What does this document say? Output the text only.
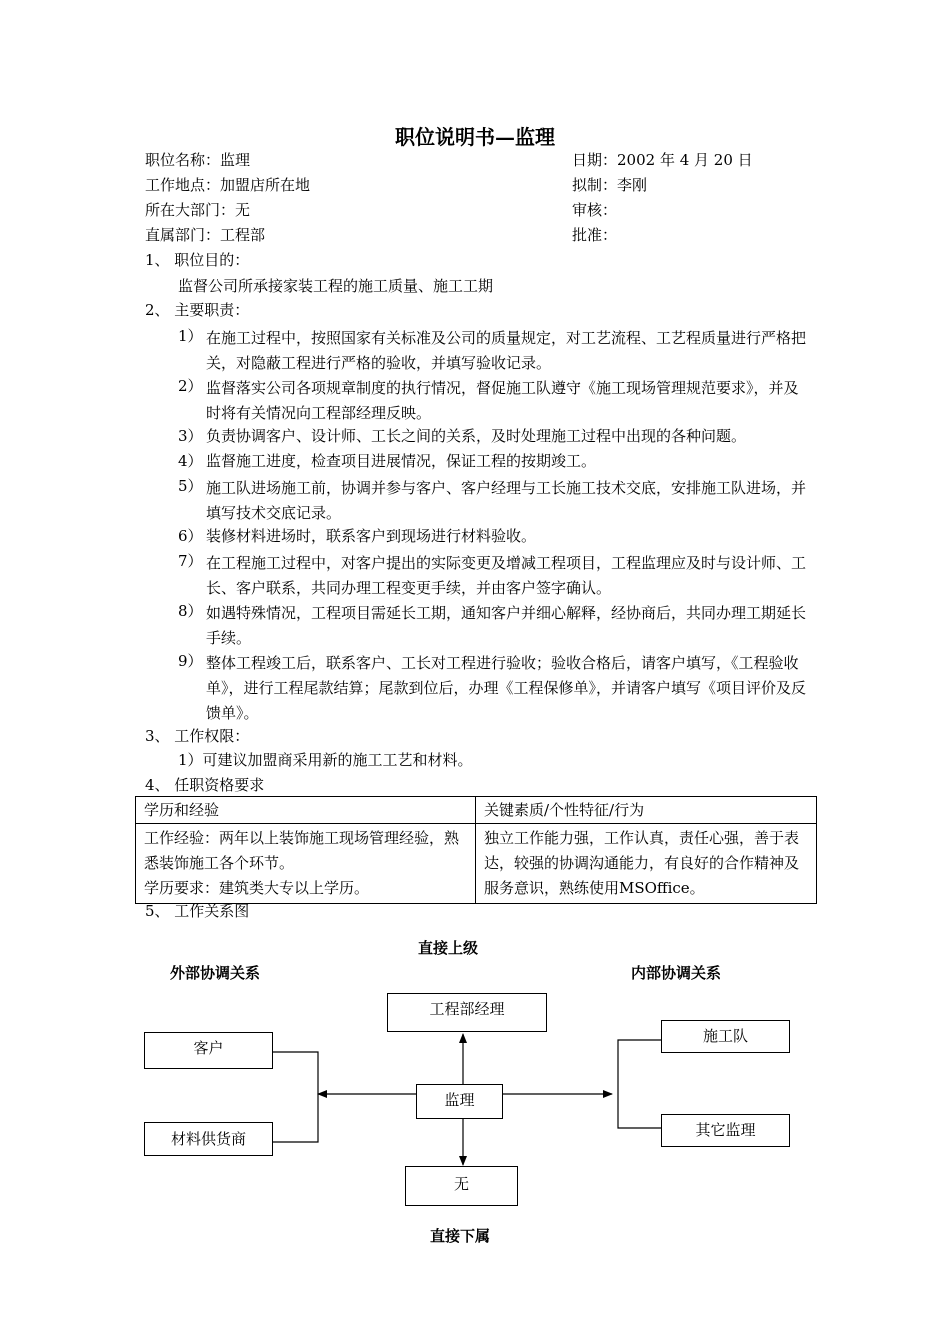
职位说明书—监理
职位名称：监理	日期：2002 年 4 月 20 日
工作地点：加盟店所在地	拟制：李刚
所在大部门：无	审核：
直属部门：工程部	批准：
1、 职位目的：
监督公司所承接家装工程的施工质量、施工工期
2、 主要职责：
1） 在施工过程中，按照国家有关标准及公司的质量规定，对工艺流程、工艺程质量进行严格把关，对隐蔽工程进行严格的验收，并填写验收记录。
2） 监督落实公司各项规章制度的执行情况，督促施工队遵守《施工现场管理规范要求》，并及时将有关情况向工程部经理反映。
3） 负责协调客户、设计师、工长之间的关系，及时处理施工过程中出现的各种问题。
4） 监督施工进度，检查项目进展情况，保证工程的按期竣工。
5） 施工队进场施工前，协调并参与客户、客户经理与工长施工技术交底，安排施工队进场，并填写技术交底记录。
6） 装修材料进场时，联系客户到现场进行材料验收。
7） 在工程施工过程中，对客户提出的实际变更及增减工程项目，工程监理应及时与设计师、工长、客户联系，共同办理工程变更手续，并由客户签字确认。
8） 如遇特殊情况，工程项目需延长工期，通知客户并细心解释，经协商后，共同办理工期延长手续。
9） 整体工程竣工后，联系客户、工长对工程进行验收；验收合格后，请客户填写，《工程验收单》，进行工程尾款结算；尾款到位后，办理《工程保修单》，并请客户填写《项目评价及反馈单》。
3、 工作权限：
1）可建议加盟商采用新的施工工艺和材料。
4、 任职资格要求
学历和经验	关键素质/个性特征/行为

工作经验：两年以上装饰施工现场管理经验，熟悉装饰施工各个环节。
学历要求：建筑类大专以上学历。	独立工作能力强，工作认真，责任心强，善于表达，较强的协调沟通能力，有良好的合作精神及服务意识，熟练使用MSOffice。
5、 工作关系图
直接上级
外部协调关系	内部协调关系
直接下属
工程部经理
监理
无
客户
材料供货商
施工队
其它监理
